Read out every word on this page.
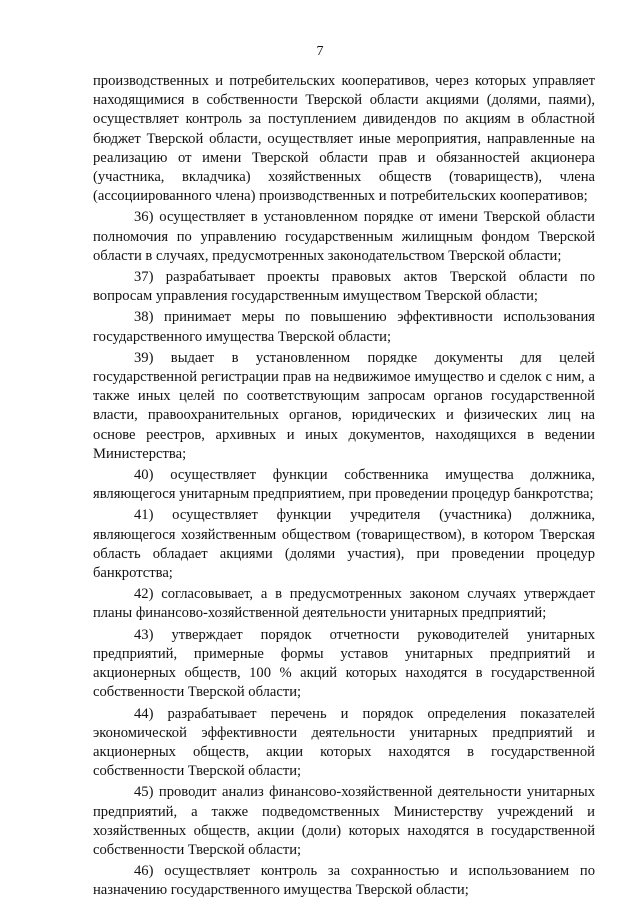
7

производственных и потребительских кооперативов, через которых управляет находящимися в собственности Тверской области акциями (долями, паями), осуществляет контроль за поступлением дивидендов по акциям в областной бюджет Тверской области, осуществляет иные мероприятия, направленные на реализацию от имени Тверской области прав и обязанностей акционера (участника, вкладчика) хозяйственных обществ (товариществ), члена (ассоциированного члена) производственных и потребительских кооперативов;

36) осуществляет в установленном порядке от имени Тверской области полномочия по управлению государственным жилищным фондом Тверской области в случаях, предусмотренных законодательством Тверской области;

37) разрабатывает проекты правовых актов Тверской области по вопросам управления государственным имуществом Тверской области;

38) принимает меры по повышению эффективности использования государственного имущества Тверской области;

39) выдает в установленном порядке документы для целей государственной регистрации прав на недвижимое имущество и сделок с ним, а также иных целей по соответствующим запросам органов государственной власти, правоохранительных органов, юридических и физических лиц на основе реестров, архивных и иных документов, находящихся в ведении Министерства;

40) осуществляет функции собственника имущества должника, являющегося унитарным предприятием, при проведении процедур банкротства;

41) осуществляет функции учредителя (участника) должника, являющегося хозяйственным обществом (товариществом), в котором Тверская область обладает акциями (долями участия), при проведении процедур банкротства;

42) согласовывает, а в предусмотренных законом случаях утверждает планы финансово-хозяйственной деятельности унитарных предприятий;

43) утверждает порядок отчетности руководителей унитарных предприятий, примерные формы уставов унитарных предприятий и акционерных обществ, 100 % акций которых находятся в государственной собственности Тверской области;

44) разрабатывает перечень и порядок определения показателей экономической эффективности деятельности унитарных предприятий и акционерных обществ, акции которых находятся в государственной собственности Тверской области;

45) проводит анализ финансово-хозяйственной деятельности унитарных предприятий, а также подведомственных Министерству учреждений и хозяйственных обществ, акции (доли) которых находятся в государственной собственности Тверской области;

46) осуществляет контроль за сохранностью и использованием по назначению государственного имущества Тверской области;
